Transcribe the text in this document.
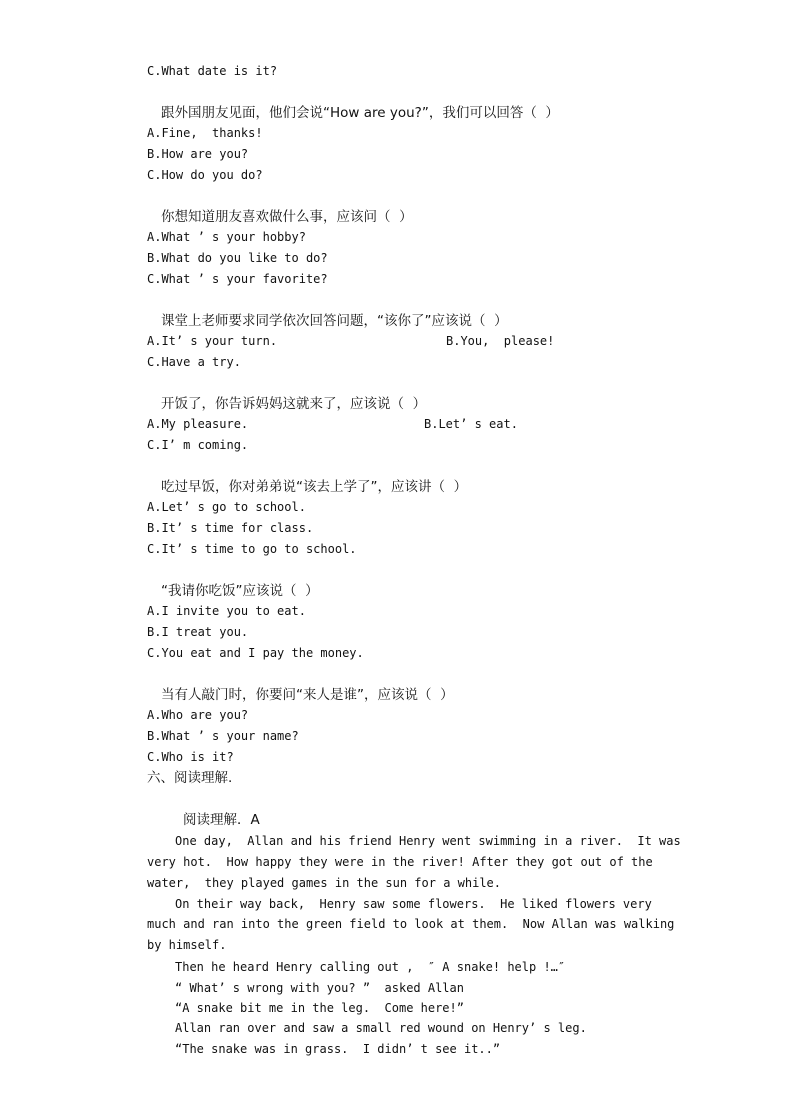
C.What date is it?
跟外国朋友见面，他们会说“How are you?”，我们可以回答（  ）
A.Fine,  thanks!
B.How are you?
C.How do you do?
你想知道朋友喜欢做什么事，应该问（  ）
A.What ’ s your hobby?
B.What do you like to do?
C.What ’ s your favorite?
课堂上老师要求同学依次回答问题，“该你了”应该说（  ）
A.It’ s your turn.	B.You,  please!
C.Have a try.
开饭了，你告诉妈妈这就来了，应该说（  ）
A.My pleasure.	B.Let’ s eat.
C.I’ m coming.
吃过早饭，你对弟弟说“该去上学了”，应该讲（  ）
A.Let’ s go to school.
B.It’ s time for class.
C.It’ s time to go to school.
“我请你吃饭”应该说（  ）
A.I invite you to eat.
B.I treat you.
C.You eat and I pay the money.
当有人敲门时，你要问“来人是谁”，应该说（  ）
A.Who are you?
B.What ’ s your name?
C.Who is it?
六、阅读理解.
阅读理解．A
One day,  Allan and his friend Henry went swimming in a river.  It was
very hot.  How happy they were in the river! After they got out of the
water,  they played games in the sun for a while.
On their way back,  Henry saw some flowers.  He liked flowers very
much and ran into the green field to look at them.  Now Allan was walking
by himself.
Then he heard Henry calling out ,  ″ A snake! help !…″
“ What’ s wrong with you? ”  asked Allan
“A snake bit me in the leg.  Come here!”
Allan ran over and saw a small red wound on Henry’ s leg.
“The snake was in grass.  I didn’ t see it..”
